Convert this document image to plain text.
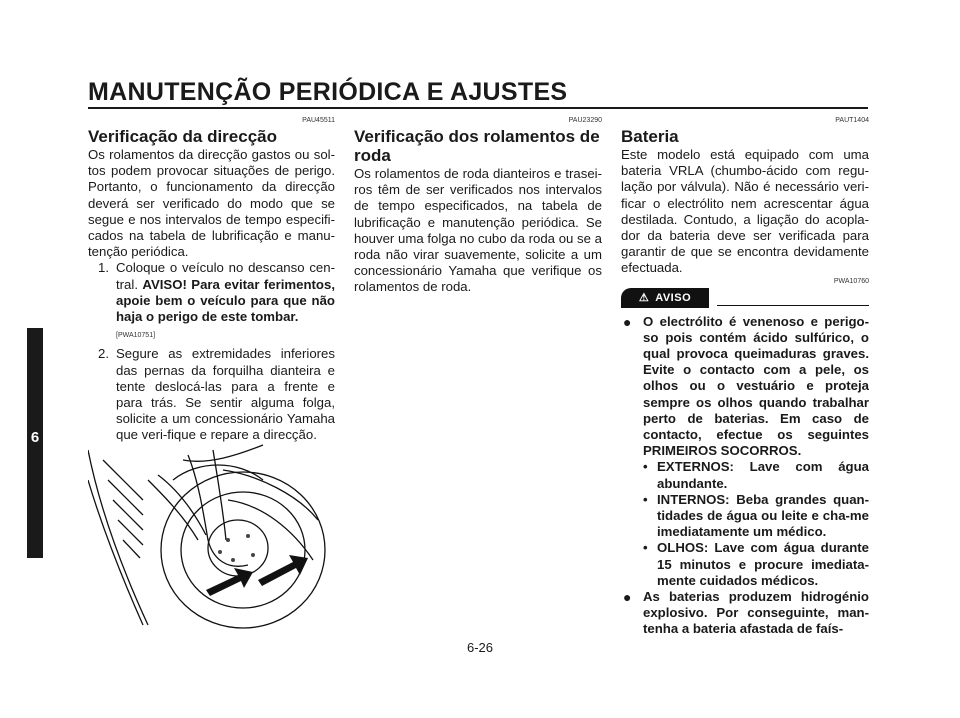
MANUTENÇÃO PERIÓDICA E AJUSTES
6

PAU45511

Verificação da direcção

Os rolamentos da direcção gastos ou sol-tos podem provocar situações de perigo. Portanto, o funcionamento da direcção deverá ser verificado do modo que se segue e nos intervalos de tempo especifi-cados na tabela de lubrificação e manu-tenção periódica.

1. Coloque o veículo no descanso cen-tral. AVISO! Para evitar ferimentos, apoie bem o veículo para que não haja o perigo de este tombar.
[PWA10751]
2. Segure as extremidades inferiores das pernas da forquilha dianteira e tente deslocá-las para a frente e para trás. Se sentir alguma folga, solicite a um concessionário Yamaha que veri-fique e repare a direcção.

PAU23290

Verificação dos rolamentos de roda

Os rolamentos de roda dianteiros e trasei-ros têm de ser verificados nos intervalos de tempo especificados, na tabela de lubrificação e manutenção periódica. Se houver uma folga no cubo da roda ou se a roda não virar suavemente, solicite a um concessionário Yamaha que verifique os rolamentos de roda.

PAUT1404

Bateria

Este modelo está equipado com uma bateria VRLA (chumbo-ácido com regu-lação por válvula). Não é necessário veri-ficar o electrólito nem acrescentar água destilada. Contudo, a ligação do acopla-dor da bateria deve ser verificada para garantir de que se encontra devidamente efectuada.

PWA10760

⚠ AVISO
● O electrólito é venenoso e perigo-so pois contém ácido sulfúrico, o qual provoca queimaduras graves. Evite o contacto com a pele, os olhos ou o vestuário e proteja sempre os olhos quando trabalhar perto de baterias. Em caso de contacto, efectue os seguintes PRIMEIROS SOCORROS.
• EXTERNOS: Lave com água abundante.
• INTERNOS: Beba grandes quan-tidades de água ou leite e cha-me imediatamente um médico.
• OLHOS: Lave com água durante 15 minutos e procure imediata-mente cuidados médicos.
● As baterias produzem hidrogénio explosivo. Por conseguinte, man-tenha a bateria afastada de faís-
6-26
